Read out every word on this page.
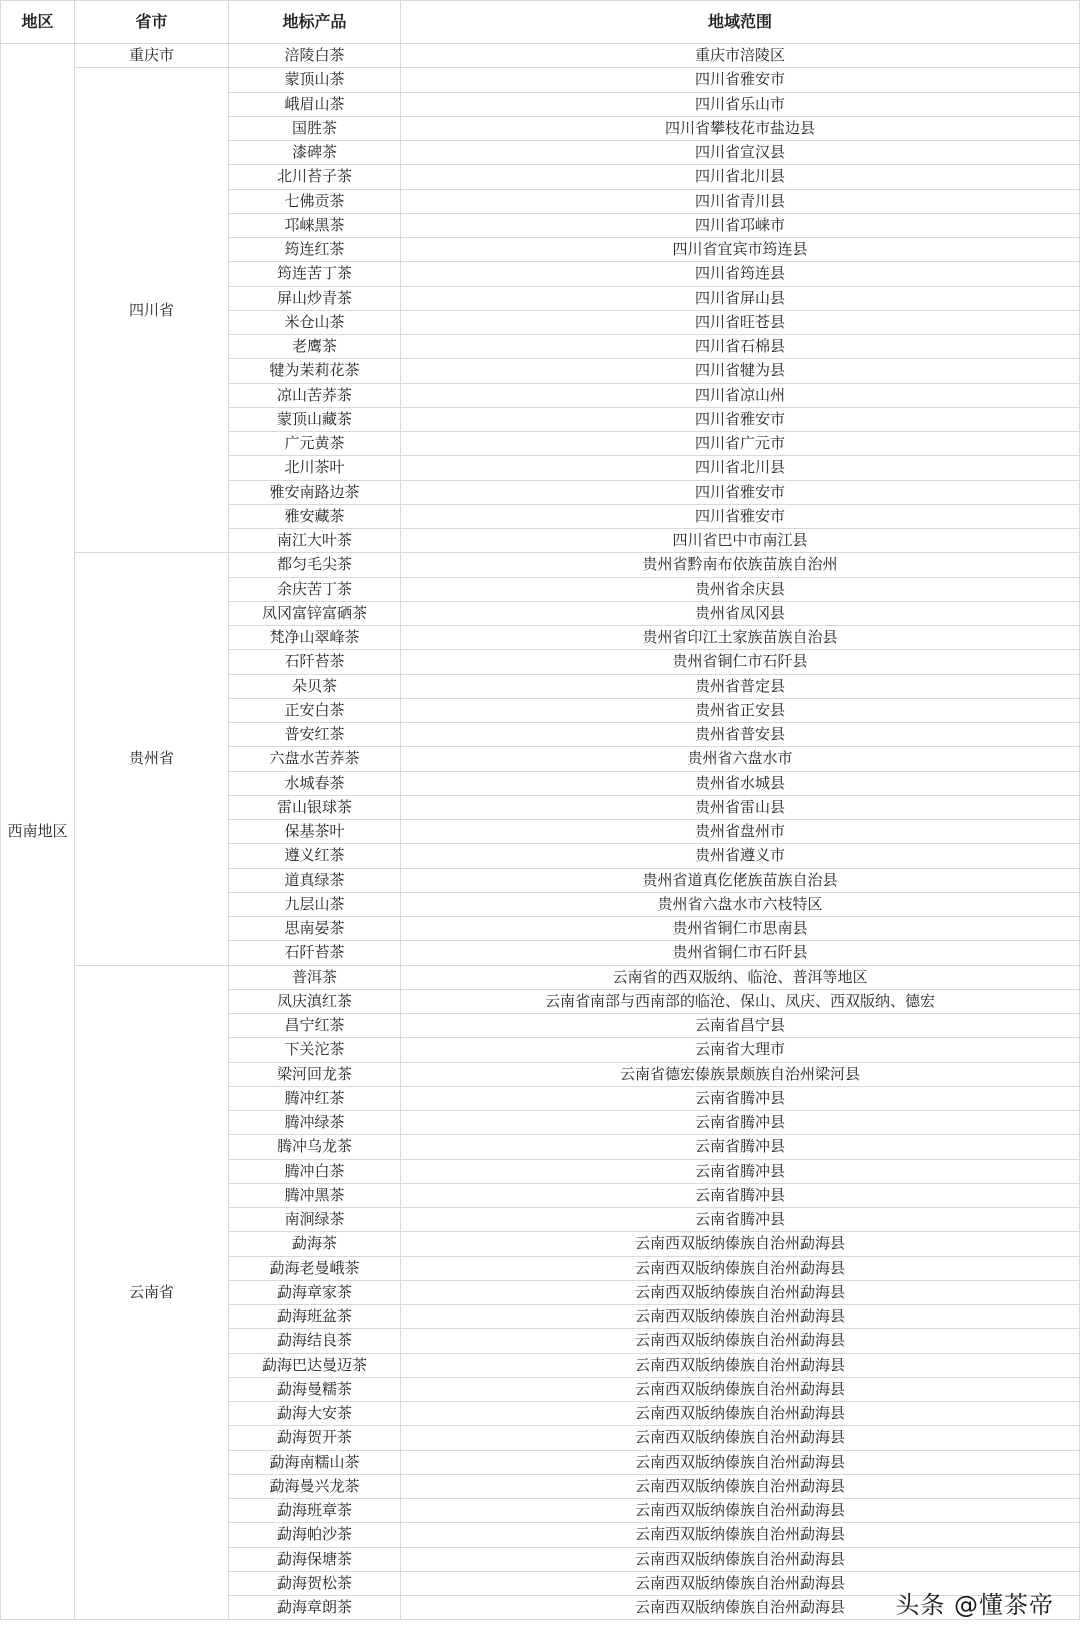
地区	省市	地标产品	地域范围
西南地区	重庆市	涪陵白茶	重庆市涪陵区
	四川省	蒙顶山茶	四川省雅安市
		峨眉山茶	四川省乐山市
		国胜茶	四川省攀枝花市盐边县
		漆碑茶	四川省宣汉县
		北川苔子茶	四川省北川县
		七佛贡茶	四川省青川县
		邛崃黑茶	四川省邛崃市
		筠连红茶	四川省宜宾市筠连县
		筠连苦丁茶	四川省筠连县
		屏山炒青茶	四川省屏山县
		米仓山茶	四川省旺苍县
		老鹰茶	四川省石棉县
		犍为茉莉花茶	四川省犍为县
		凉山苦荞茶	四川省凉山州
		蒙顶山藏茶	四川省雅安市
		广元黄茶	四川省广元市
		北川茶叶	四川省北川县
		雅安南路边茶	四川省雅安市
		雅安藏茶	四川省雅安市
		南江大叶茶	四川省巴中市南江县
	贵州省	都匀毛尖茶	贵州省黔南布依族苗族自治州
		余庆苦丁茶	贵州省余庆县
		凤冈富锌富硒茶	贵州省凤冈县
		梵净山翠峰茶	贵州省印江土家族苗族自治县
		石阡苔茶	贵州省铜仁市石阡县
		朵贝茶	贵州省普定县
		正安白茶	贵州省正安县
		普安红茶	贵州省普安县
		六盘水苦荞茶	贵州省六盘水市
		水城春茶	贵州省水城县
		雷山银球茶	贵州省雷山县
		保基茶叶	贵州省盘州市
		遵义红茶	贵州省遵义市
		道真绿茶	贵州省道真仡佬族苗族自治县
		九层山茶	贵州省六盘水市六枝特区
		思南晏茶	贵州省铜仁市思南县
		石阡苔茶	贵州省铜仁市石阡县
	云南省	普洱茶	云南省的西双版纳、临沧、普洱等地区
		凤庆滇红茶	云南省南部与西南部的临沧、保山、凤庆、西双版纳、德宏
		昌宁红茶	云南省昌宁县
		下关沱茶	云南省大理市
		梁河回龙茶	云南省德宏傣族景颇族自治州梁河县
		腾冲红茶	云南省腾冲县
		腾冲绿茶	云南省腾冲县
		腾冲乌龙茶	云南省腾冲县
		腾冲白茶	云南省腾冲县
		腾冲黑茶	云南省腾冲县
		南涧绿茶	云南省腾冲县
		勐海茶	云南西双版纳傣族自治州勐海县
		勐海老曼峨茶	云南西双版纳傣族自治州勐海县
		勐海章家茶	云南西双版纳傣族自治州勐海县
		勐海班盆茶	云南西双版纳傣族自治州勐海县
		勐海结良茶	云南西双版纳傣族自治州勐海县
		勐海巴达曼迈茶	云南西双版纳傣族自治州勐海县
		勐海曼糯茶	云南西双版纳傣族自治州勐海县
		勐海大安茶	云南西双版纳傣族自治州勐海县
		勐海贺开茶	云南西双版纳傣族自治州勐海县
		勐海南糯山茶	云南西双版纳傣族自治州勐海县
		勐海曼兴龙茶	云南西双版纳傣族自治州勐海县
		勐海班章茶	云南西双版纳傣族自治州勐海县
		勐海帕沙茶	云南西双版纳傣族自治州勐海县
		勐海保塘茶	云南西双版纳傣族自治州勐海县
		勐海贺松茶	云南西双版纳傣族自治州勐海县
		勐海章朗茶	云南西双版纳傣族自治州勐海县 头条 @懂茶帝
